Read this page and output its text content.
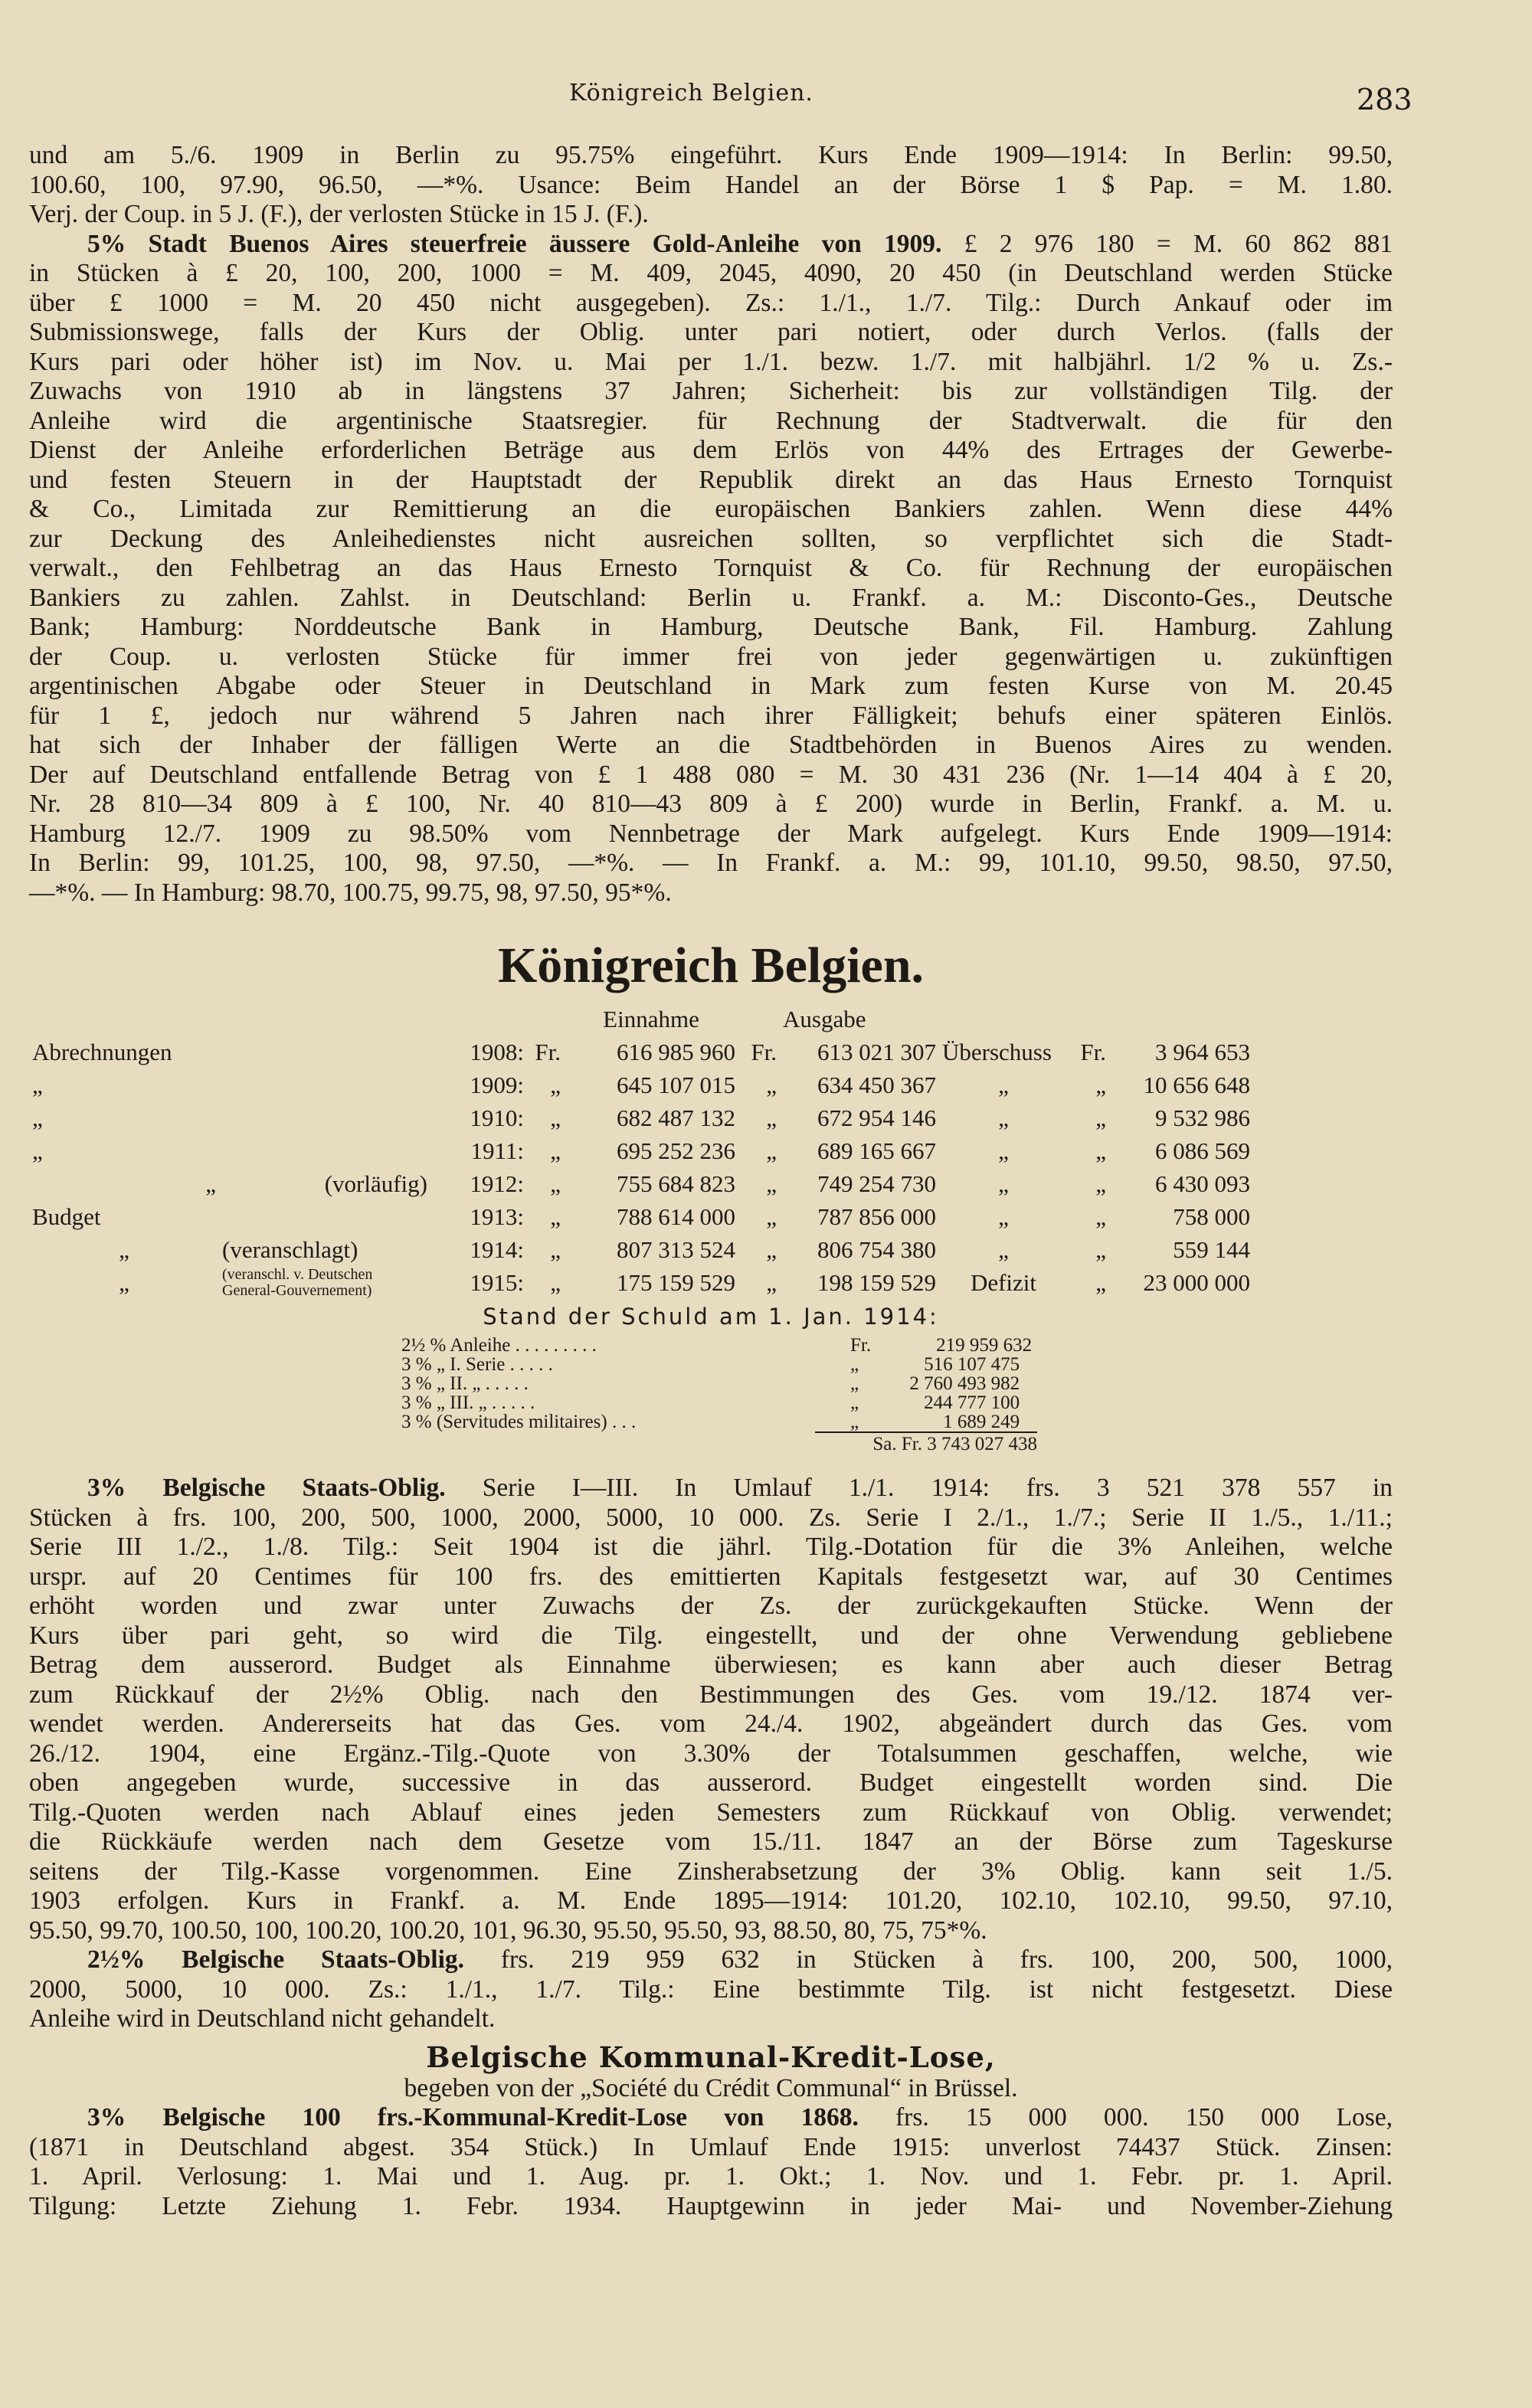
Königreich Belgien.	283

und am 5./6. 1909 in Berlin zu 95.75% eingeführt. Kurs Ende 1909—1914: In Berlin: 99.50,

100.60, 100, 97.90, 96.50, —*%. Usance: Beim Handel an der Börse 1 $ Pap. = M. 1.80.

Verj. der Coup. in 5 J. (F.), der verlosten Stücke in 15 J. (F.).

5% Stadt Buenos Aires steuerfreie äussere Gold-Anleihe von 1909. £ 2 976 180 = M. 60 862 881

in Stücken à £ 20, 100, 200, 1000 = M. 409, 2045, 4090, 20 450 (in Deutschland werden Stücke

über £ 1000 = M. 20 450 nicht ausgegeben). Zs.: 1./1., 1./7. Tilg.: Durch Ankauf oder im

Submissionswege, falls der Kurs der Oblig. unter pari notiert, oder durch Verlos. (falls der

Kurs pari oder höher ist) im Nov. u. Mai per 1./1. bezw. 1./7. mit halbjährl. 1/2 % u. Zs.-

Zuwachs von 1910 ab in längstens 37 Jahren; Sicherheit: bis zur vollständigen Tilg. der

Anleihe wird die argentinische Staatsregier. für Rechnung der Stadtverwalt. die für den

Dienst der Anleihe erforderlichen Beträge aus dem Erlös von 44% des Ertrages der Gewerbe-

und festen Steuern in der Hauptstadt der Republik direkt an das Haus Ernesto Tornquist

& Co., Limitada zur Remittierung an die europäischen Bankiers zahlen. Wenn diese 44%

zur Deckung des Anleihedienstes nicht ausreichen sollten, so verpflichtet sich die Stadt-

verwalt., den Fehlbetrag an das Haus Ernesto Tornquist & Co. für Rechnung der europäischen

Bankiers zu zahlen. Zahlst. in Deutschland: Berlin u. Frankf. a. M.: Disconto-Ges., Deutsche

Bank; Hamburg: Norddeutsche Bank in Hamburg, Deutsche Bank, Fil. Hamburg. Zahlung

der Coup. u. verlosten Stücke für immer frei von jeder gegenwärtigen u. zukünftigen

argentinischen Abgabe oder Steuer in Deutschland in Mark zum festen Kurse von M. 20.45

für 1 £, jedoch nur während 5 Jahren nach ihrer Fälligkeit; behufs einer späteren Einlös.

hat sich der Inhaber der fälligen Werte an die Stadtbehörden in Buenos Aires zu wenden.

Der auf Deutschland entfallende Betrag von £ 1 488 080 = M. 30 431 236 (Nr. 1—14 404 à £ 20,

Nr. 28 810—34 809 à £ 100, Nr. 40 810—43 809 à £ 200) wurde in Berlin, Frankf. a. M. u.

Hamburg 12./7. 1909 zu 98.50% vom Nennbetrage der Mark aufgelegt. Kurs Ende 1909—1914:

In Berlin: 99, 101.25, 100, 98, 97.50, —*%. — In Frankf. a. M.: 99, 101.10, 99.50, 98.50, 97.50,

—*%. — In Hamburg: 98.70, 100.75, 99.75, 98, 97.50, 95*%.

Königreich Belgien.
				Einnahme		Ausgabe			
Abrechnungen		1908:	Fr.	616 985 960	Fr.	613 021 307	Überschuss	Fr.	3 964 653
„		1909:	„	645 107 015	„	634 450 367	„	„	10 656 648
„		1910:	„	682 487 132	„	672 954 146	„	„	9 532 986
„		1911:	„	695 252 236	„	689 165 667	„	„	6 086 569
„	(vorläufig)	1912:	„	755 684 823	„	749 254 730	„	„	6 430 093
Budget		1913:	„	788 614 000	„	787 856 000	„	„	758 000
„	(veranschlagt)	1914:	„	807 313 524	„	806 754 380	„	„	559 144
„	(veranschl. v. Deutschen General-Gouvernement)	1915:	„	175 159 529	„	198 159 529	Defizit	„	23 000 000
Stand der Schuld am 1. Jan. 1914:
2½ % Anleihe . . . . . . . . .	Fr.	219 959 632
3 % „ I. Serie . . . . .	„	516 107 475
3 % „ II. „ . . . . .	„	2 760 493 982
3 % „ III. „ . . . . .	„	244 777 100
3 % (Servitudes militaires) . . .	„	1 689 249
Sa. Fr. 3 743 027 438

3% Belgische Staats-Oblig. Serie I—III. In Umlauf 1./1. 1914: frs. 3 521 378 557 in

Stücken à frs. 100, 200, 500, 1000, 2000, 5000, 10 000. Zs. Serie I 2./1., 1./7.; Serie II 1./5., 1./11.;

Serie III 1./2., 1./8. Tilg.: Seit 1904 ist die jährl. Tilg.-Dotation für die 3% Anleihen, welche

urspr. auf 20 Centimes für 100 frs. des emittierten Kapitals festgesetzt war, auf 30 Centimes

erhöht worden und zwar unter Zuwachs der Zs. der zurückgekauften Stücke. Wenn der

Kurs über pari geht, so wird die Tilg. eingestellt, und der ohne Verwendung gebliebene

Betrag dem ausserord. Budget als Einnahme überwiesen; es kann aber auch dieser Betrag

zum Rückkauf der 2½% Oblig. nach den Bestimmungen des Ges. vom 19./12. 1874 ver-

wendet werden. Andererseits hat das Ges. vom 24./4. 1902, abgeändert durch das Ges. vom

26./12. 1904, eine Ergänz.-Tilg.-Quote von 3.30% der Totalsummen geschaffen, welche, wie

oben angegeben wurde, successive in das ausserord. Budget eingestellt worden sind. Die

Tilg.-Quoten werden nach Ablauf eines jeden Semesters zum Rückkauf von Oblig. verwendet;

die Rückkäufe werden nach dem Gesetze vom 15./11. 1847 an der Börse zum Tageskurse

seitens der Tilg.-Kasse vorgenommen. Eine Zinsherabsetzung der 3% Oblig. kann seit 1./5.

1903 erfolgen. Kurs in Frankf. a. M. Ende 1895—1914: 101.20, 102.10, 102.10, 99.50, 97.10,

95.50, 99.70, 100.50, 100, 100.20, 100.20, 101, 96.30, 95.50, 95.50, 93, 88.50, 80, 75, 75*%.

2½% Belgische Staats-Oblig. frs. 219 959 632 in Stücken à frs. 100, 200, 500, 1000,

2000, 5000, 10 000. Zs.: 1./1., 1./7. Tilg.: Eine bestimmte Tilg. ist nicht festgesetzt. Diese

Anleihe wird in Deutschland nicht gehandelt.

Belgische Kommunal-Kredit-Lose,
begeben von der „Société du Crédit Communal“ in Brüssel.

3% Belgische 100 frs.-Kommunal-Kredit-Lose von 1868. frs. 15 000 000. 150 000 Lose,

(1871 in Deutschland abgest. 354 Stück.) In Umlauf Ende 1915: unverlost 74437 Stück. Zinsen:

1. April. Verlosung: 1. Mai und 1. Aug. pr. 1. Okt.; 1. Nov. und 1. Febr. pr. 1. April.

Tilgung: Letzte Ziehung 1. Febr. 1934. Hauptgewinn in jeder Mai- und November-Ziehung
